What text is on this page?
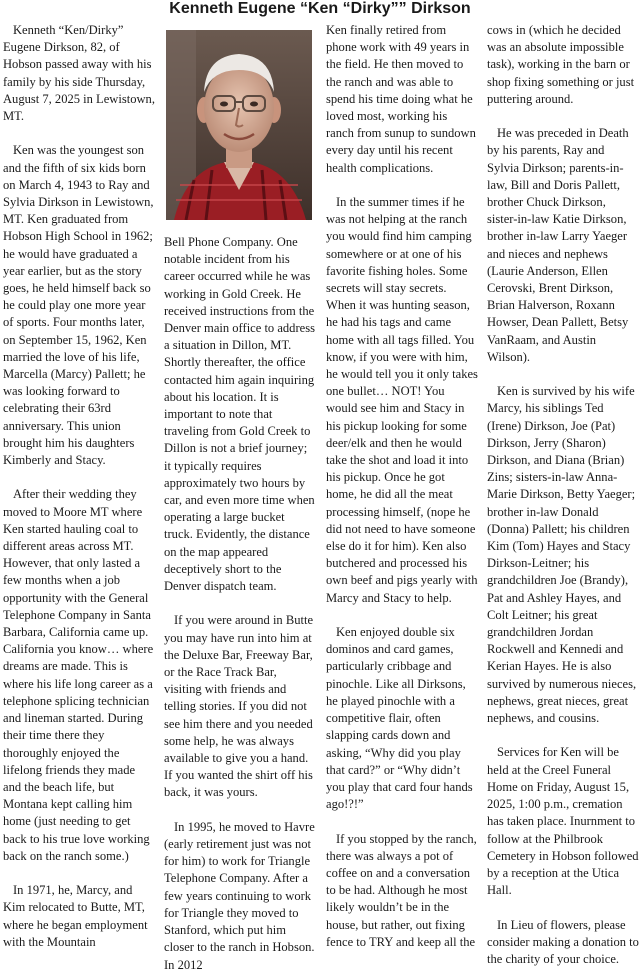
Kenneth Eugene “Ken “Dirky”” Dirkson

Kenneth “Ken/Dirky” Eugene Dirkson, 82, of Hobson passed away with his family by his side Thursday, August 7, 2025 in Lewistown, MT.

Ken was the youngest son and the fifth of six kids born on March 4, 1943 to Ray and Sylvia Dirkson in Lewistown, MT. Ken graduated from Hobson High School in 1962; he would have graduated a year earlier, but as the story goes, he held himself back so he could play one more year of sports. Four months later, on September 15, 1962, Ken married the love of his life, Marcella (Marcy) Pallett; he was looking forward to celebrating their 63rd anniversary. This union brought him his daughters Kimberly and Stacy.

After their wedding they moved to Moore MT where Ken started hauling coal to different areas across MT. However, that only lasted a few months when a job opportunity with the General Telephone Company in Santa Barbara, California came up. California you know… where dreams are made. This is where his life long career as a telephone splicing technician and lineman started. During their time there they thoroughly enjoyed the lifelong friends they made and the beach life, but Montana kept calling him home (just needing to get back to his true love working back on the ranch some.)

In 1971, he, Marcy, and Kim relocated to Butte, MT, where he began employment with the Mountain

Bell Phone Company. One notable incident from his career occurred while he was working in Gold Creek. He received instructions from the Denver main office to address a situation in Dillon, MT. Shortly thereafter, the office contacted him again inquiring about his location. It is important to note that traveling from Gold Creek to Dillon is not a brief journey; it typically requires approximately two hours by car, and even more time when operating a large bucket truck. Evidently, the distance on the map appeared deceptively short to the Denver dispatch team.

If you were around in Butte you may have run into him at the Deluxe Bar, Freeway Bar, or the Race Track Bar, visiting with friends and telling stories. If you did not see him there and you needed some help, he was always available to give you a hand. If you wanted the shirt off his back, it was yours.

In 1995, he moved to Havre (early retirement just was not for him) to work for Triangle Telephone Company. After a few years continuing to work for Triangle they moved to Stanford, which put him closer to the ranch in Hobson. In 2012

Ken finally retired from phone work with 49 years in the field. He then moved to the ranch and was able to spend his time doing what he loved most, working his ranch from sunup to sundown every day until his recent health complications.

In the summer times if he was not helping at the ranch you would find him camping somewhere or at one of his favorite fishing holes. Some secrets will stay secrets. When it was hunting season, he had his tags and came home with all tags filled. You know, if you were with him, he would tell you it only takes one bullet… NOT! You would see him and Stacy in his pickup looking for some deer/elk and then he would take the shot and load it into his pickup. Once he got home, he did all the meat processing himself, (nope he did not need to have someone else do it for him). Ken also butchered and processed his own beef and pigs yearly with Marcy and Stacy to help.

Ken enjoyed double six dominos and card games, particularly cribbage and pinochle. Like all Dirksons, he played pinochle with a competitive flair, often slapping cards down and asking, “Why did you play that card?” or “Why didn’t you play that card four hands ago!?!”

If you stopped by the ranch, there was always a pot of coffee on and a conversation to be had. Although he most likely wouldn’t be in the house, but rather, out fixing fence to TRY and keep all the

cows in (which he decided was an absolute impossible task), working in the barn or shop fixing something or just puttering around.

He was preceded in Death by his parents, Ray and Sylvia Dirkson; parents-in-law, Bill and Doris Pallett, brother Chuck Dirkson, sister-in-law Katie Dirkson, brother in-law Larry Yaeger and nieces and nephews (Laurie Anderson, Ellen Cerovski, Brent Dirkson, Brian Halverson, Roxann Howser, Dean Pallett, Betsy VanRaam, and Austin Wilson).

Ken is survived by his wife Marcy, his siblings Ted (Irene) Dirkson, Joe (Pat) Dirkson, Jerry (Sharon) Dirkson, and Diana (Brian) Zins; sisters-in-law Anna-Marie Dirkson, Betty Yaeger; brother in-law Donald (Donna) Pallett; his children Kim (Tom) Hayes and Stacy Dirkson-Leitner; his grandchildren Joe (Brandy), Pat and Ashley Hayes, and Colt Leitner; his great grandchildren Jordan Rockwell and Kennedi and Kerian Hayes. He is also survived by numerous nieces, nephews, great nieces, great nephews, and cousins.

Services for Ken will be held at the Creel Funeral Home on Friday, August 15, 2025, 1:00 p.m., cremation has taken place. Inurnment to follow at the Philbrook Cemetery in Hobson followed by a reception at the Utica Hall.

In Lieu of flowers, please consider making a donation to the charity of your choice.
